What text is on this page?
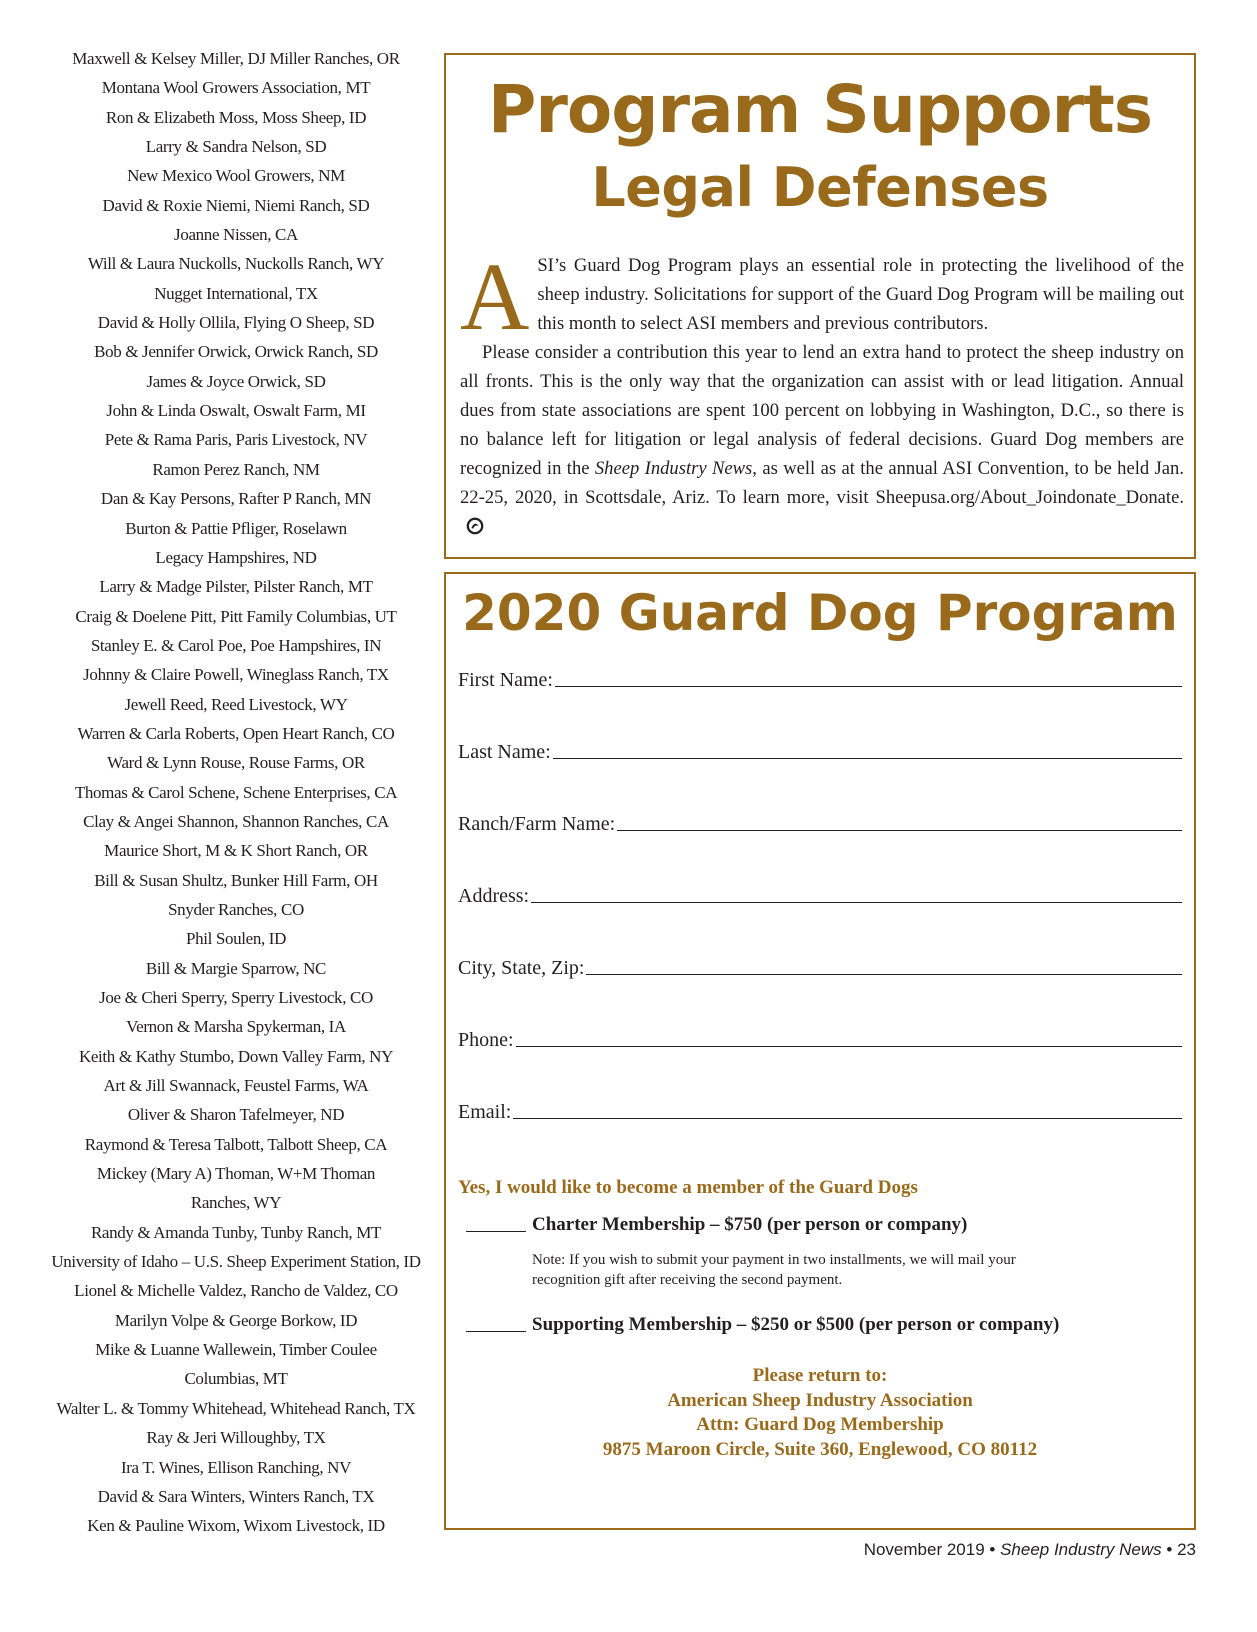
Maxwell & Kelsey Miller, DJ Miller Ranches, OR
Montana Wool Growers Association, MT
Ron & Elizabeth Moss, Moss Sheep, ID
Larry & Sandra Nelson, SD
New Mexico Wool Growers, NM
David & Roxie Niemi, Niemi Ranch, SD
Joanne Nissen, CA
Will & Laura Nuckolls, Nuckolls Ranch, WY
Nugget International, TX
David & Holly Ollila, Flying O Sheep, SD
Bob & Jennifer Orwick, Orwick Ranch, SD
James & Joyce Orwick, SD
John & Linda Oswalt, Oswalt Farm, MI
Pete & Rama Paris, Paris Livestock, NV
Ramon Perez Ranch, NM
Dan & Kay Persons, Rafter P Ranch, MN
Burton & Pattie Pfliger, Roselawn
Legacy Hampshires, ND
Larry & Madge Pilster, Pilster Ranch, MT
Craig & Doelene Pitt, Pitt Family Columbias, UT
Stanley E. & Carol Poe, Poe Hampshires, IN
Johnny & Claire Powell, Wineglass Ranch, TX
Jewell Reed, Reed Livestock, WY
Warren & Carla Roberts, Open Heart Ranch, CO
Ward & Lynn Rouse, Rouse Farms, OR
Thomas & Carol Schene, Schene Enterprises, CA
Clay & Angei Shannon, Shannon Ranches, CA
Maurice Short, M & K Short Ranch, OR
Bill & Susan Shultz, Bunker Hill Farm, OH
Snyder Ranches, CO
Phil Soulen, ID
Bill & Margie Sparrow, NC
Joe & Cheri Sperry, Sperry Livestock, CO
Vernon & Marsha Spykerman, IA
Keith & Kathy Stumbo, Down Valley Farm, NY
Art & Jill Swannack, Feustel Farms, WA
Oliver & Sharon Tafelmeyer, ND
Raymond & Teresa Talbott, Talbott Sheep, CA
Mickey (Mary A) Thoman, W+M Thoman
Ranches, WY
Randy & Amanda Tunby, Tunby Ranch, MT
University of Idaho – U.S. Sheep Experiment Station, ID
Lionel & Michelle Valdez, Rancho de Valdez, CO
Marilyn Volpe & George Borkow, ID
Mike & Luanne Wallewein, Timber Coulee
Columbias, MT
Walter L. & Tommy Whitehead, Whitehead Ranch, TX
Ray & Jeri Willoughby, TX
Ira T. Wines, Ellison Ranching, NV
David & Sara Winters, Winters Ranch, TX
Ken & Pauline Wixom, Wixom Livestock, ID
Program Supports
Legal Defenses
A SI’s Guard Dog Program plays an essential role in protecting the livelihood of the sheep industry. Solicitations for support of the Guard Dog Program will be mailing out this month to select ASI members and previous contributors.

Please consider a contribution this year to lend an extra hand to protect the sheep industry on all fronts. This is the only way that the organization can assist with or lead litigation. Annual dues from state associations are spent 100 percent on lobbying in Washington, D.C., so there is no balance left for litigation or legal analysis of federal decisions. Guard Dog members are recognized in the Sheep Industry News, as well as at the annual ASI Convention, to be held Jan. 22-25, 2020, in Scottsdale, Ariz. To learn more, visit Sheepusa.org/About_Joindonate_Donate.

2020 Guard Dog Program
First Name:
Last Name:
Ranch/Farm Name:
Address:
City, State, Zip:
Phone:
Email:
Yes, I would like to become a member of the Guard Dogs
Charter Membership – $750 (per person or company)
Note: If you wish to submit your payment in two installments, we will mail your recognition gift after receiving the second payment.
Supporting Membership – $250 or $500 (per person or company)
Please return to:
American Sheep Industry Association
Attn: Guard Dog Membership
9875 Maroon Circle, Suite 360, Englewood, CO 80112
November 2019 • Sheep Industry News • 23
